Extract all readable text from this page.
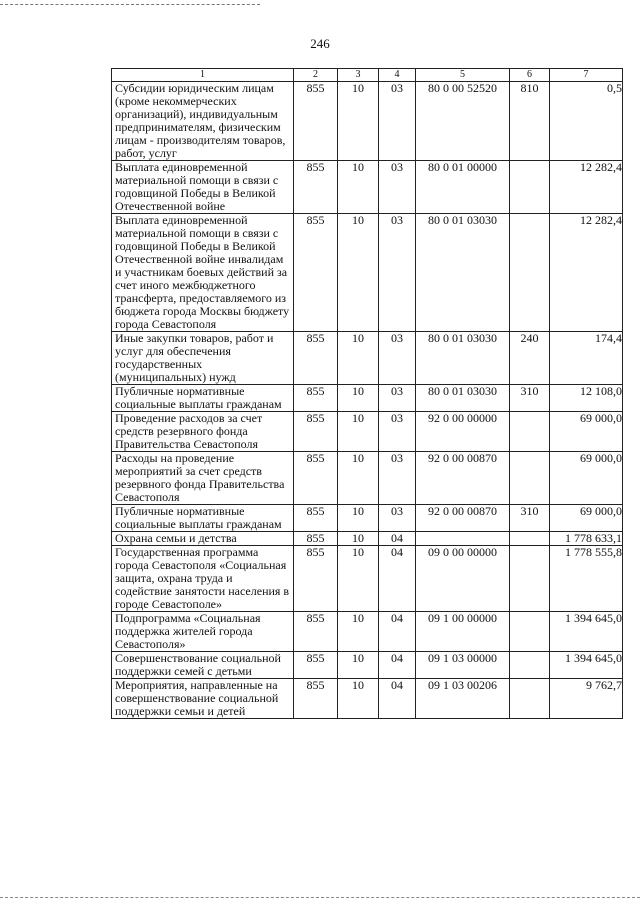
246
1	2	3	4	5	6	7
Субсидии юридическим лицам (кроме некоммерческих организаций), индивидуальным предпринимателям, физическим лицам - производителям товаров, работ, услуг	855	10	03	80 0 00 52520	810	0,5
Выплата единовременной материальной помощи в связи с годовщиной Победы в Великой Отечественной войне	855	10	03	80 0 01 00000		12 282,4
Выплата единовременной материальной помощи в связи с годовщиной Победы в Великой Отечественной войне инвалидам и участникам боевых действий за счет иного межбюджетного трансферта, предоставляемого из бюджета города Москвы бюджету города Севастополя	855	10	03	80 0 01 03030		12 282,4
Иные закупки товаров, работ и услуг для обеспечения государственных (муниципальных) нужд	855	10	03	80 0 01 03030	240	174,4
Публичные нормативные социальные выплаты гражданам	855	10	03	80 0 01 03030	310	12 108,0
Проведение расходов за счет средств резервного фонда Правительства Севастополя	855	10	03	92 0 00 00000		69 000,0
Расходы на проведение мероприятий за счет средств резервного фонда Правительства Севастополя	855	10	03	92 0 00 00870		69 000,0
Публичные нормативные социальные выплаты гражданам	855	10	03	92 0 00 00870	310	69 000,0
Охрана семьи и детства	855	10	04			1 778 633,1
Государственная программа города Севастополя «Социальная защита, охрана труда и содействие занятости населения в городе Севастополе»	855	10	04	09 0 00 00000		1 778 555,8
Подпрограмма «Социальная поддержка жителей города Севастополя»	855	10	04	09 1 00 00000		1 394 645,0
Совершенствование социальной поддержки семей с детьми	855	10	04	09 1 03 00000		1 394 645,0
Мероприятия, направленные на совершенствование социальной поддержки семьи и детей	855	10	04	09 1 03 00206		9 762,7
